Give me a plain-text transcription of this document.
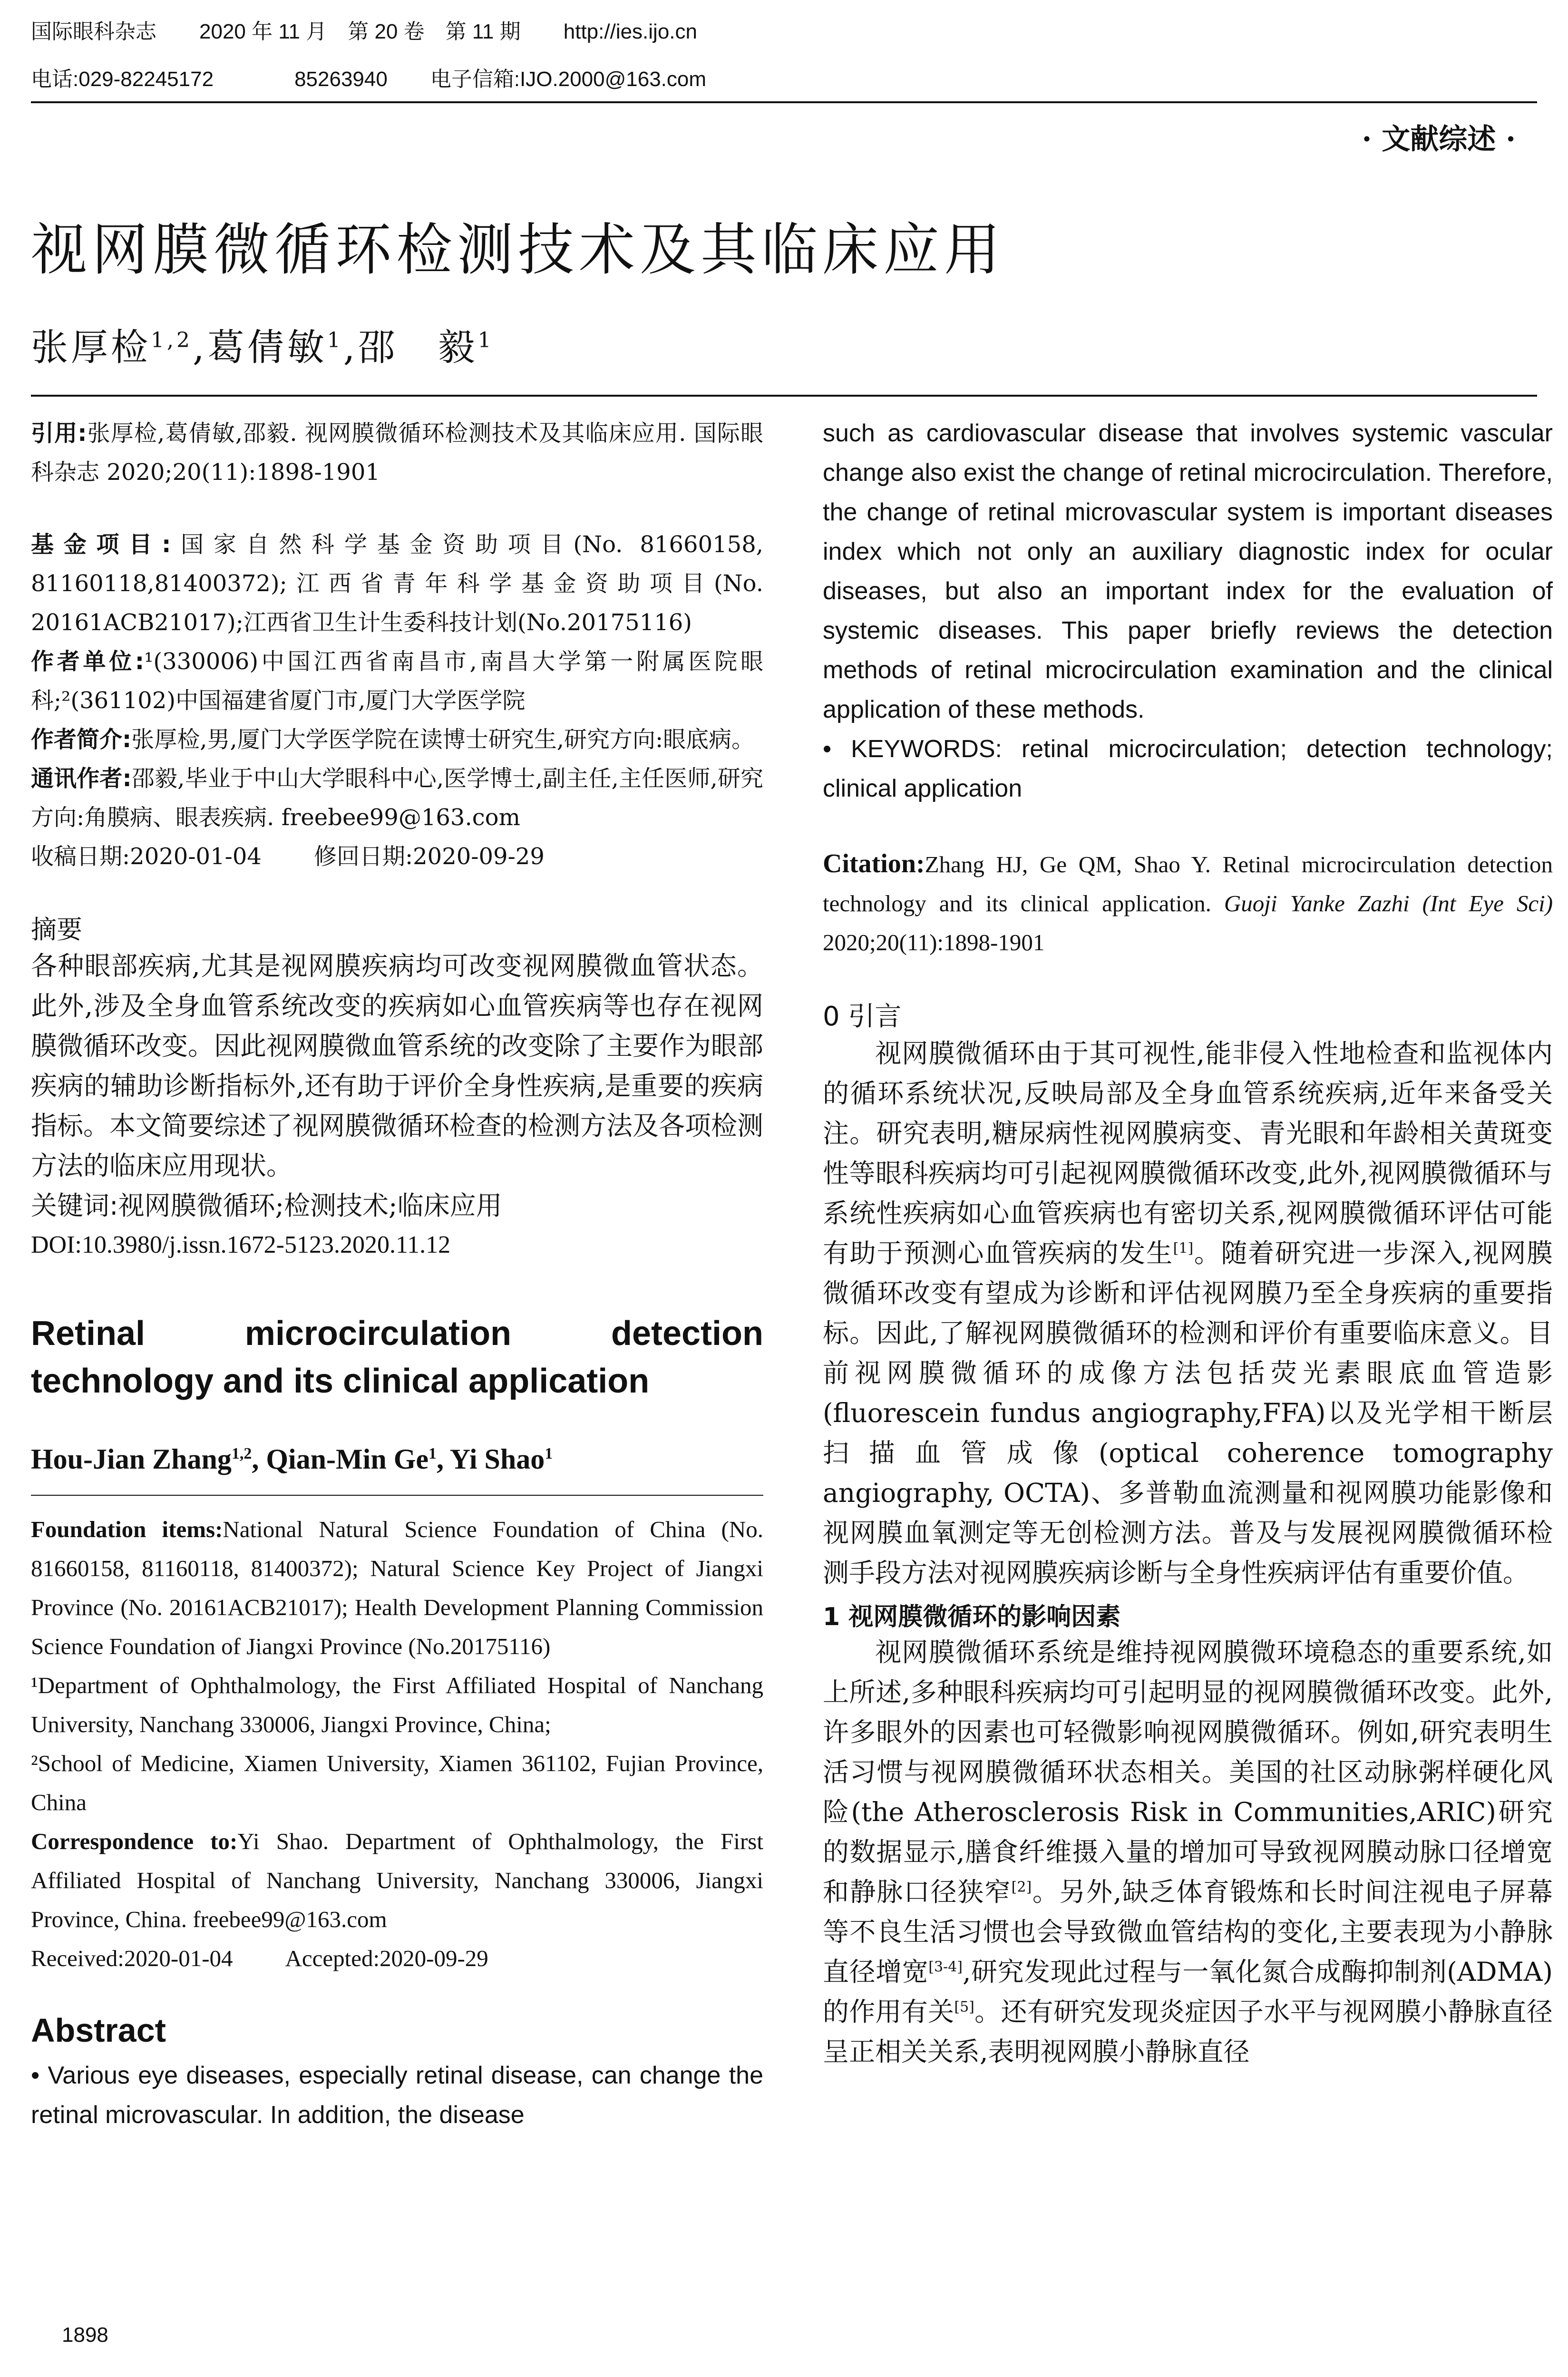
国际眼科杂志 2020 年 11 月　第 20 卷　第 11 期 http://ies.ijo.cn
电话:029-82245172	85263940 电子信箱:IJO.2000@163.com
· 文献综述 ·
视网膜微循环检测技术及其临床应用
张厚检$^{1,2}$,葛倩敏$^1$,邵　毅$^1$

引用:张厚检,葛倩敏,邵毅. 视网膜微循环检测技术及其临床应用. 国际眼科杂志 2020;20(11):1898-1901

基金项目:国家自然科学基金资助项目(No. 81660158, 81160118,81400372);江西省青年科学基金资助项目(No. 20161ACB21017);江西省卫生计生委科技计划(No.20175116)

作者单位:¹(330006)中国江西省南昌市,南昌大学第一附属医院眼科;²(361102)中国福建省厦门市,厦门大学医学院

作者简介:张厚检,男,厦门大学医学院在读博士研究生,研究方向:眼底病。

通讯作者:邵毅,毕业于中山大学眼科中心,医学博士,副主任,主任医师,研究方向:角膜病、眼表疾病. freebee99@163.com

收稿日期:2020-01-04 修回日期:2020-09-29

摘要

各种眼部疾病,尤其是视网膜疾病均可改变视网膜微血管状态。此外,涉及全身血管系统改变的疾病如心血管疾病等也存在视网膜微循环改变。因此视网膜微血管系统的改变除了主要作为眼部疾病的辅助诊断指标外,还有助于评价全身性疾病,是重要的疾病指标。本文简要综述了视网膜微循环检查的检测方法及各项检测方法的临床应用现状。

关键词:视网膜微循环;检测技术;临床应用

DOI:10.3980/j.issn.1672-5123.2020.11.12

Retinal microcirculation detection technology and its clinical application

Hou-Jian Zhang$^{1,2}$, Qian-Min Ge$^1$, Yi Shao$^1$

Foundation items:National Natural Science Foundation of China (No. 81660158, 81160118, 81400372); Natural Science Key Project of Jiangxi Province (No. 20161ACB21017); Health Development Planning Commission Science Foundation of Jiangxi Province (No.20175116)

¹Department of Ophthalmology, the First Affiliated Hospital of Nanchang University, Nanchang 330006, Jiangxi Province, China;

²School of Medicine, Xiamen University, Xiamen 361102, Fujian Province, China

Correspondence to:Yi Shao. Department of Ophthalmology, the First Affiliated Hospital of Nanchang University, Nanchang 330006, Jiangxi Province, China. freebee99@163.com

Received:2020-01-04 Accepted:2020-09-29

Abstract

• Various eye diseases, especially retinal disease, can change the retinal microvascular. In addition, the disease

such as cardiovascular disease that involves systemic vascular change also exist the change of retinal microcirculation. Therefore, the change of retinal microvascular system is important diseases index which not only an auxiliary diagnostic index for ocular diseases, but also an important index for the evaluation of systemic diseases. This paper briefly reviews the detection methods of retinal microcirculation examination and the clinical application of these methods.

• KEYWORDS: retinal microcirculation; detection technology; clinical application

Citation:Zhang HJ, Ge QM, Shao Y. Retinal microcirculation detection technology and its clinical application. Guoji Yanke Zazhi (Int Eye Sci) 2020;20(11):1898-1901

0 引言

视网膜微循环由于其可视性,能非侵入性地检查和监视体内的循环系统状况,反映局部及全身血管系统疾病,近年来备受关注。研究表明,糖尿病性视网膜病变、青光眼和年龄相关黄斑变性等眼科疾病均可引起视网膜微循环改变,此外,视网膜微循环与系统性疾病如心血管疾病也有密切关系,视网膜微循环评估可能有助于预测心血管疾病的发生[1]。随着研究进一步深入,视网膜微循环改变有望成为诊断和评估视网膜乃至全身疾病的重要指标。因此,了解视网膜微循环的检测和评价有重要临床意义。目前视网膜微循环的成像方法包括荧光素眼底血管造影(fluorescein fundus angiography,FFA)以及光学相干断层扫描血管成像(optical coherence tomography angiography, OCTA)、多普勒血流测量和视网膜功能影像和视网膜血氧测定等无创检测方法。普及与发展视网膜微循环检测手段方法对视网膜疾病诊断与全身性疾病评估有重要价值。

1 视网膜微循环的影响因素

视网膜微循环系统是维持视网膜微环境稳态的重要系统,如上所述,多种眼科疾病均可引起明显的视网膜微循环改变。此外,许多眼外的因素也可轻微影响视网膜微循环。例如,研究表明生活习惯与视网膜微循环状态相关。美国的社区动脉粥样硬化风险(the Atherosclerosis Risk in Communities,ARIC)研究的数据显示,膳食纤维摄入量的增加可导致视网膜动脉口径增宽和静脉口径狭窄[2]。另外,缺乏体育锻炼和长时间注视电子屏幕等不良生活习惯也会导致微血管结构的变化,主要表现为小静脉直径增宽[3-4],研究发现此过程与一氧化氮合成酶抑制剂(ADMA)的作用有关[5]。还有研究发现炎症因子水平与视网膜小静脉直径呈正相关关系,表明视网膜小静脉直径

1898
